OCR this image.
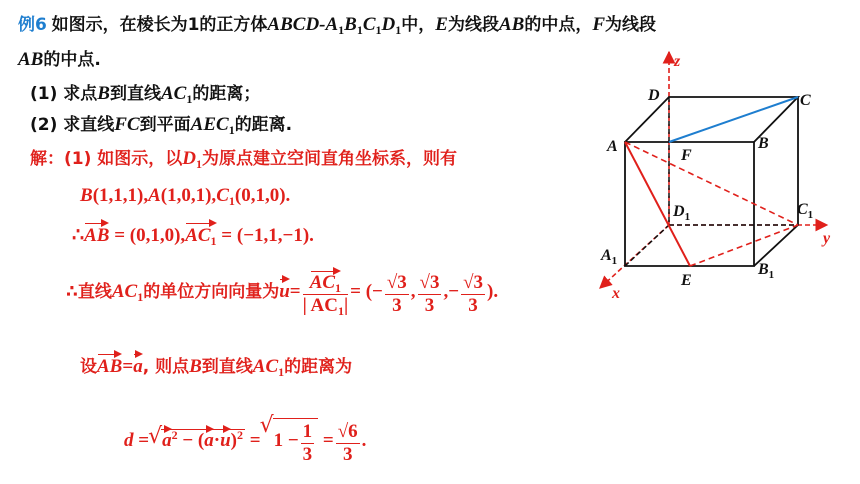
例6 如图示，在棱长为1的正方体ABCD-$A_1B_1C_1D_1$中，E为线段AB的中点，F为线段
AB的中点.
(1) 求点B到直线$AC_1$的距离；
(2) 求直线FC到平面$AEC_1$的距离.
解：(1) 如图示，以$D_1$为原点建立空间直角坐标系，则有
$B(1,1,1),A(1,0,1),C_1(0,1,0)$.
∴AB = $(0,1,0),AC_1 = (-1,1,-1)$.
∴直线$AC_1$的单位方向向量为$u= \frac{AC_1}{| AC_1|}$ = (− $\frac{√3}{3}$ , $\frac{√3}{3}$ ,− $\frac{√3}{3}$ ).
设AB=a, 则点B到直线$AC_1$的距离为
d = √ $a^2 - (a\cdot u)^2$ = √ $1 - \frac{1}{3} = \frac{√6}{3}$ .
z
y
x
D	C
A	B
F
$D_1$	$C_1$
$A_1$	$B_1$
E
